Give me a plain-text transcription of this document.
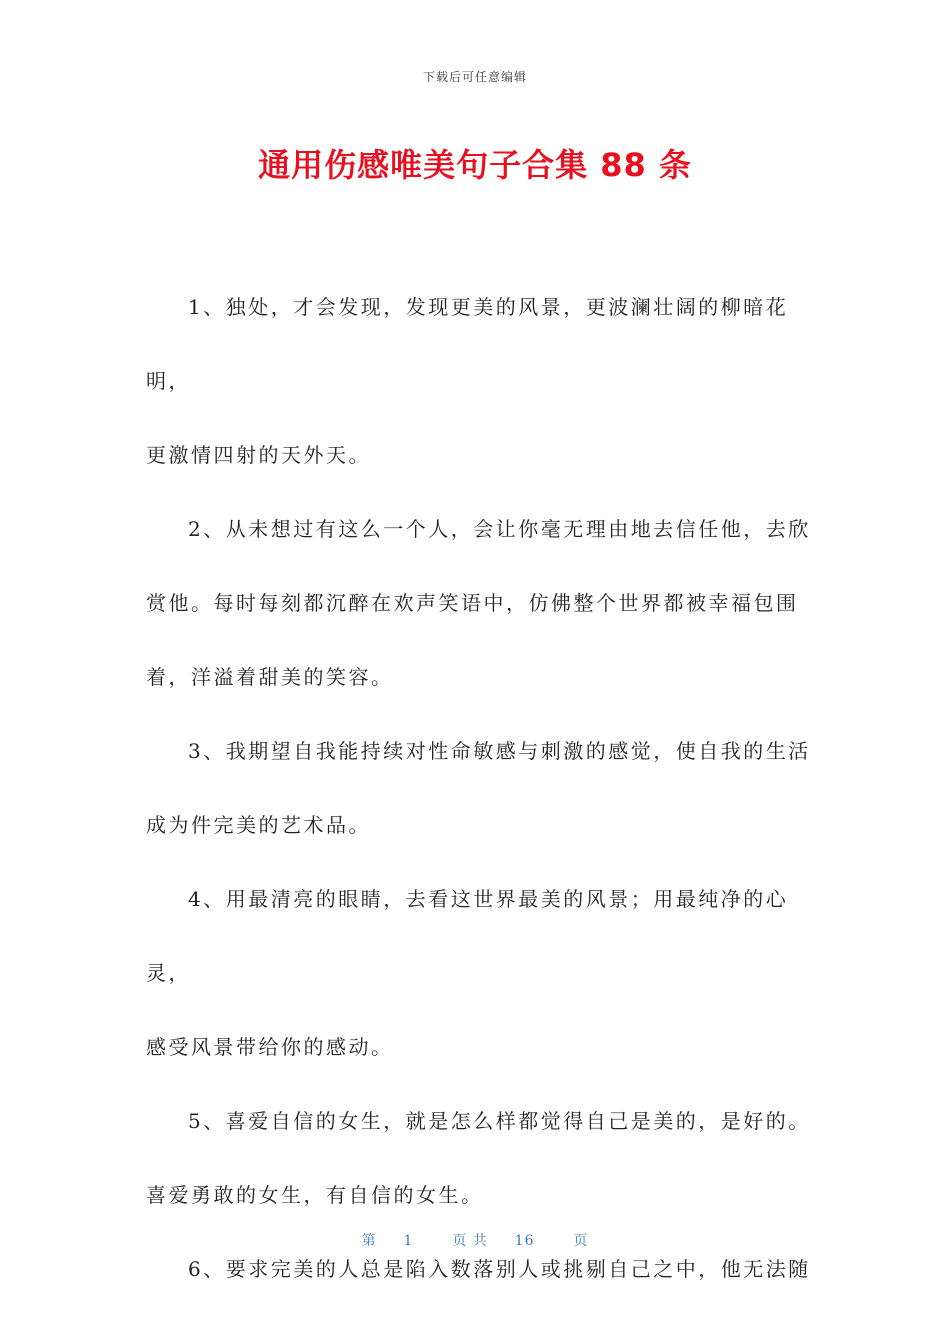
下载后可任意编辑
通用伤感唯美句子合集 88 条

1、独处，才会发现，发现更美的风景，更波澜壮阔的柳暗花明，
更激情四射的天外天。

2、从未想过有这么一个人，会让你毫无理由地去信任他，去欣
赏他。每时每刻都沉醉在欢声笑语中，仿佛整个世界都被幸福包围
着，洋溢着甜美的笑容。

3、我期望自我能持续对性命敏感与刺激的感觉，使自我的生活
成为件完美的艺术品。

4、用最清亮的眼睛，去看这世界最美的风景；用最纯净的心灵，
感受风景带给你的感动。

5、喜爱自信的女生，就是怎么样都觉得自己是美的，是好的。
喜爱勇敢的女生，有自信的女生。

6、要求完美的人总是陷入数落别人或挑剔自己之中，他无法随

第 1	页 共 16	页
